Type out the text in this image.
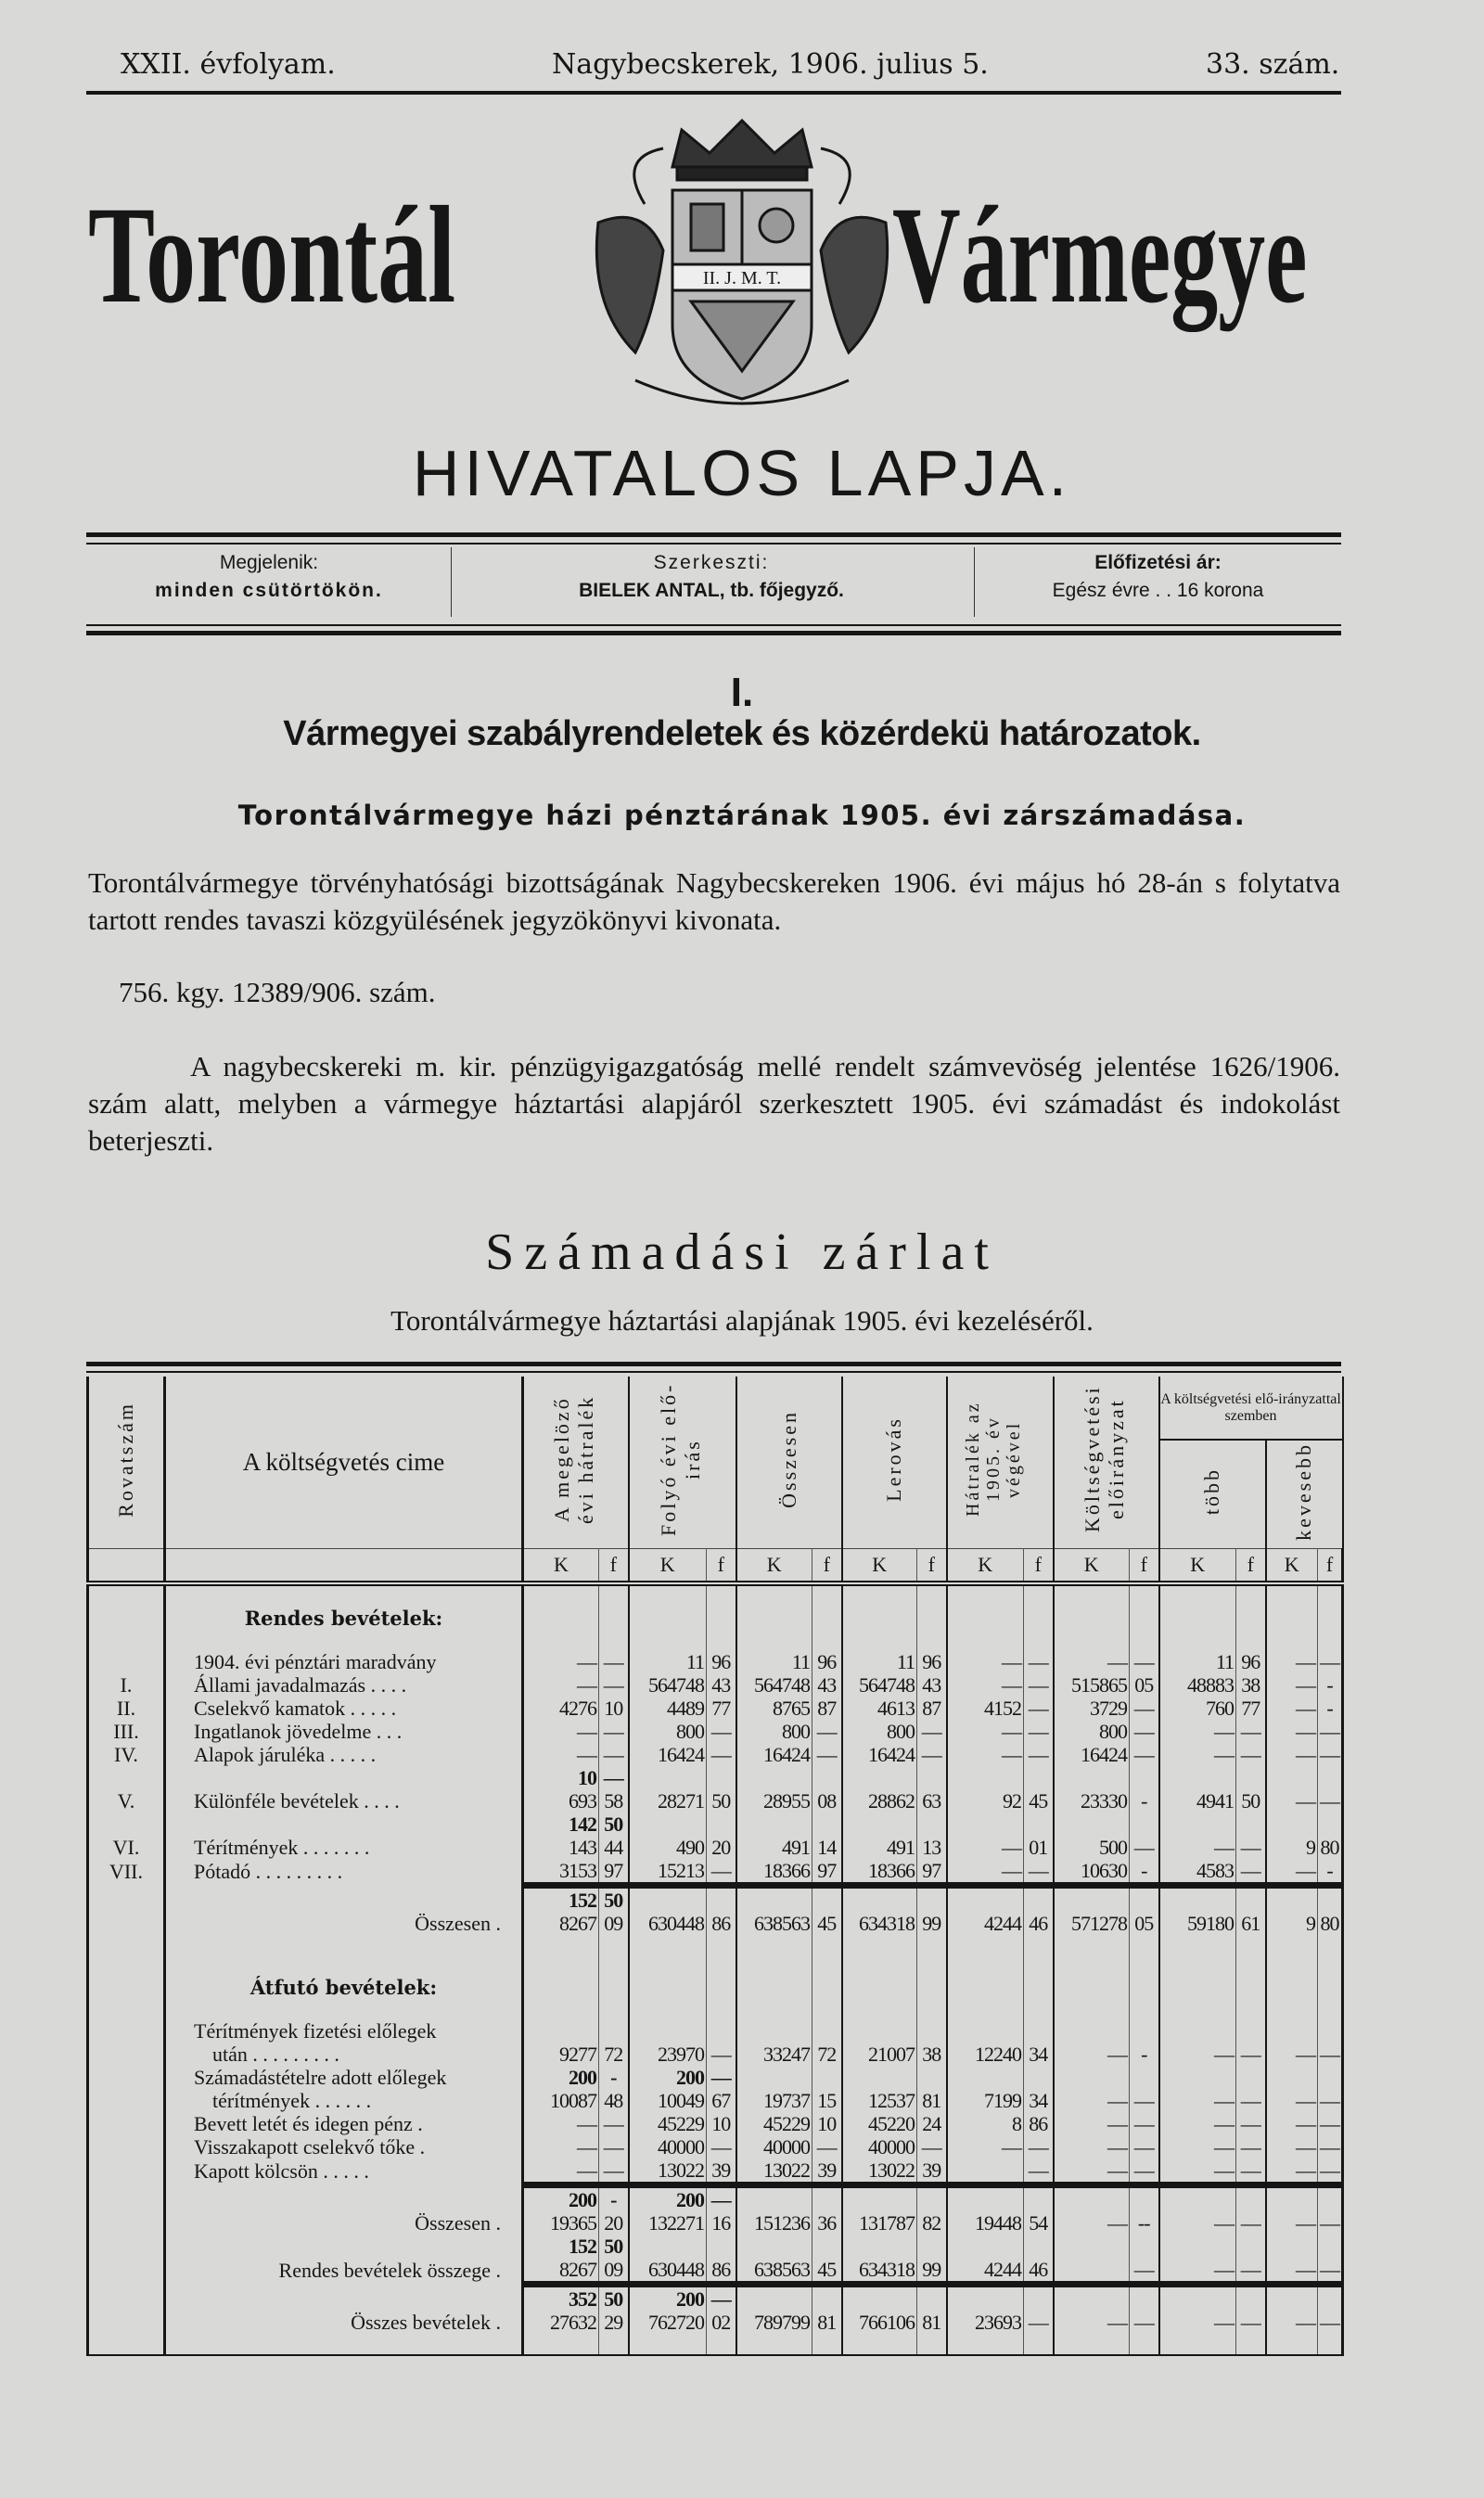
XXII. évfolyam.	Nagybecskerek, 1906. julius 5.	33. szám.
Torontál	Vármegye
II. J. M. T.
HIVATALOS LAPJA.
Megjelenik:
minden csütörtökön.
Szerkeszti:
BIELEK ANTAL, tb. főjegyző.
Előfizetési ár:
Egész évre . . 16 korona
I.
Vármegyei szabályrendeletek és közérdekü határozatok.
Torontálvármegye házi pénztárának 1905. évi zárszámadása.
Torontálvármegye törvényhatósági bizottságának Nagybecskereken 1906. évi május hó 28-án s folytatva tartott rendes tavaszi közgyülésének jegyzökönyvi kivonata.
756. kgy. 12389/906. szám.
A nagybecskereki m. kir. pénzügyigazgatóság mellé rendelt számvevöség jelentése 1626/1906. szám alatt, melyben a vármegye háztartási alapjáról szerkesztett 1905. évi számadást és indokolást beterjeszti.
Számadási zárlat
Torontálvármegye háztartási alapjának 1905. évi kezeléséről.
Rovatszám	A költségvetés cime	A megelöző évi hátralék		Folyó évi elő-irás		Összesen		Lerovás		Hátralék az 1905. év végével		Költségvetési előirányzat		A költségvetési elő-irányzattal szemben			
														több		kevesebb	
		K	f	K	f	K	f	K	f	K	f	K	f	K	f	K	f

	Rendes bevételek:																

	1904. évi pénztári maradvány	—	—	11	96	11	96	11	96	—	—	—	—	11	96	—	—
I.	Állami javadalmazás . . . .	—	—	564748	43	564748	43	564748	43	—	—	515865	05	48883	38	—	-
II.	Cselekvő kamatok . . . . .	4276	10	4489	77	8765	87	4613	87	4152	—	3729	—	760	77	—	-
III.	Ingatlanok jövedelme . . .	—	—	800	—	800	—	800	—	—	—	800	—	—	—	—	—
IV.	Alapok járuléka . . . . .	—	—	16424	—	16424	—	16424	—	—	—	16424	—	—	—	—	—
		10	—														
V.	Különféle bevételek . . . .	693	58	28271	50	28955	08	28862	63	92	45	23330	-	4941	50	—	—
		142	50														
VI.	Térítmények . . . . . . .	143	44	490	20	491	14	491	13	—	01	500	—	—	—	9	80
VII.	Pótadó . . . . . . . . .	3153	97	15213	—	18366	97	18366	97	—	—	10630	-	4583	—	—	-
		152	50														
	Összesen .	8267	09	630448	86	638563	45	634318	99	4244	46	571278	05	59180	61	9	80

	Átfutó bevételek:																

	Térítmények fizetési előlegek																
	után . . . . . . . . .	9277	72	23970	—	33247	72	21007	38	12240	34	—	-	—	—	—	—
	Számadástételre adott előlegek	200	-	200	—												
	térítmények . . . . . .	10087	48	10049	67	19737	15	12537	81	7199	34	—	—	—	—	—	—
	Bevett letét és idegen pénz .	—	—	45229	10	45229	10	45220	24	8	86	—	—	—	—	—	—
	Visszakapott cselekvő tőke .	—	—	40000	—	40000	—	40000	—	—	—	—	—	—	—	—	—
	Kapott kölcsön . . . . .	—	—	13022	39	13022	39	13022	39		—	—	—	—	—	—	—
		200	-	200	—												
	Összesen .	19365	20	132271	16	151236	36	131787	82	19448	54	—	--	—	—	—	—
		152	50														
	Rendes bevételek összege .	8267	09	630448	86	638563	45	634318	99	4244	46		—	—	—	—	—
		352	50	200	—												
	Összes bevételek .	27632	29	762720	02	789799	81	766106	81	23693	—	—	—	—	—	—	—
